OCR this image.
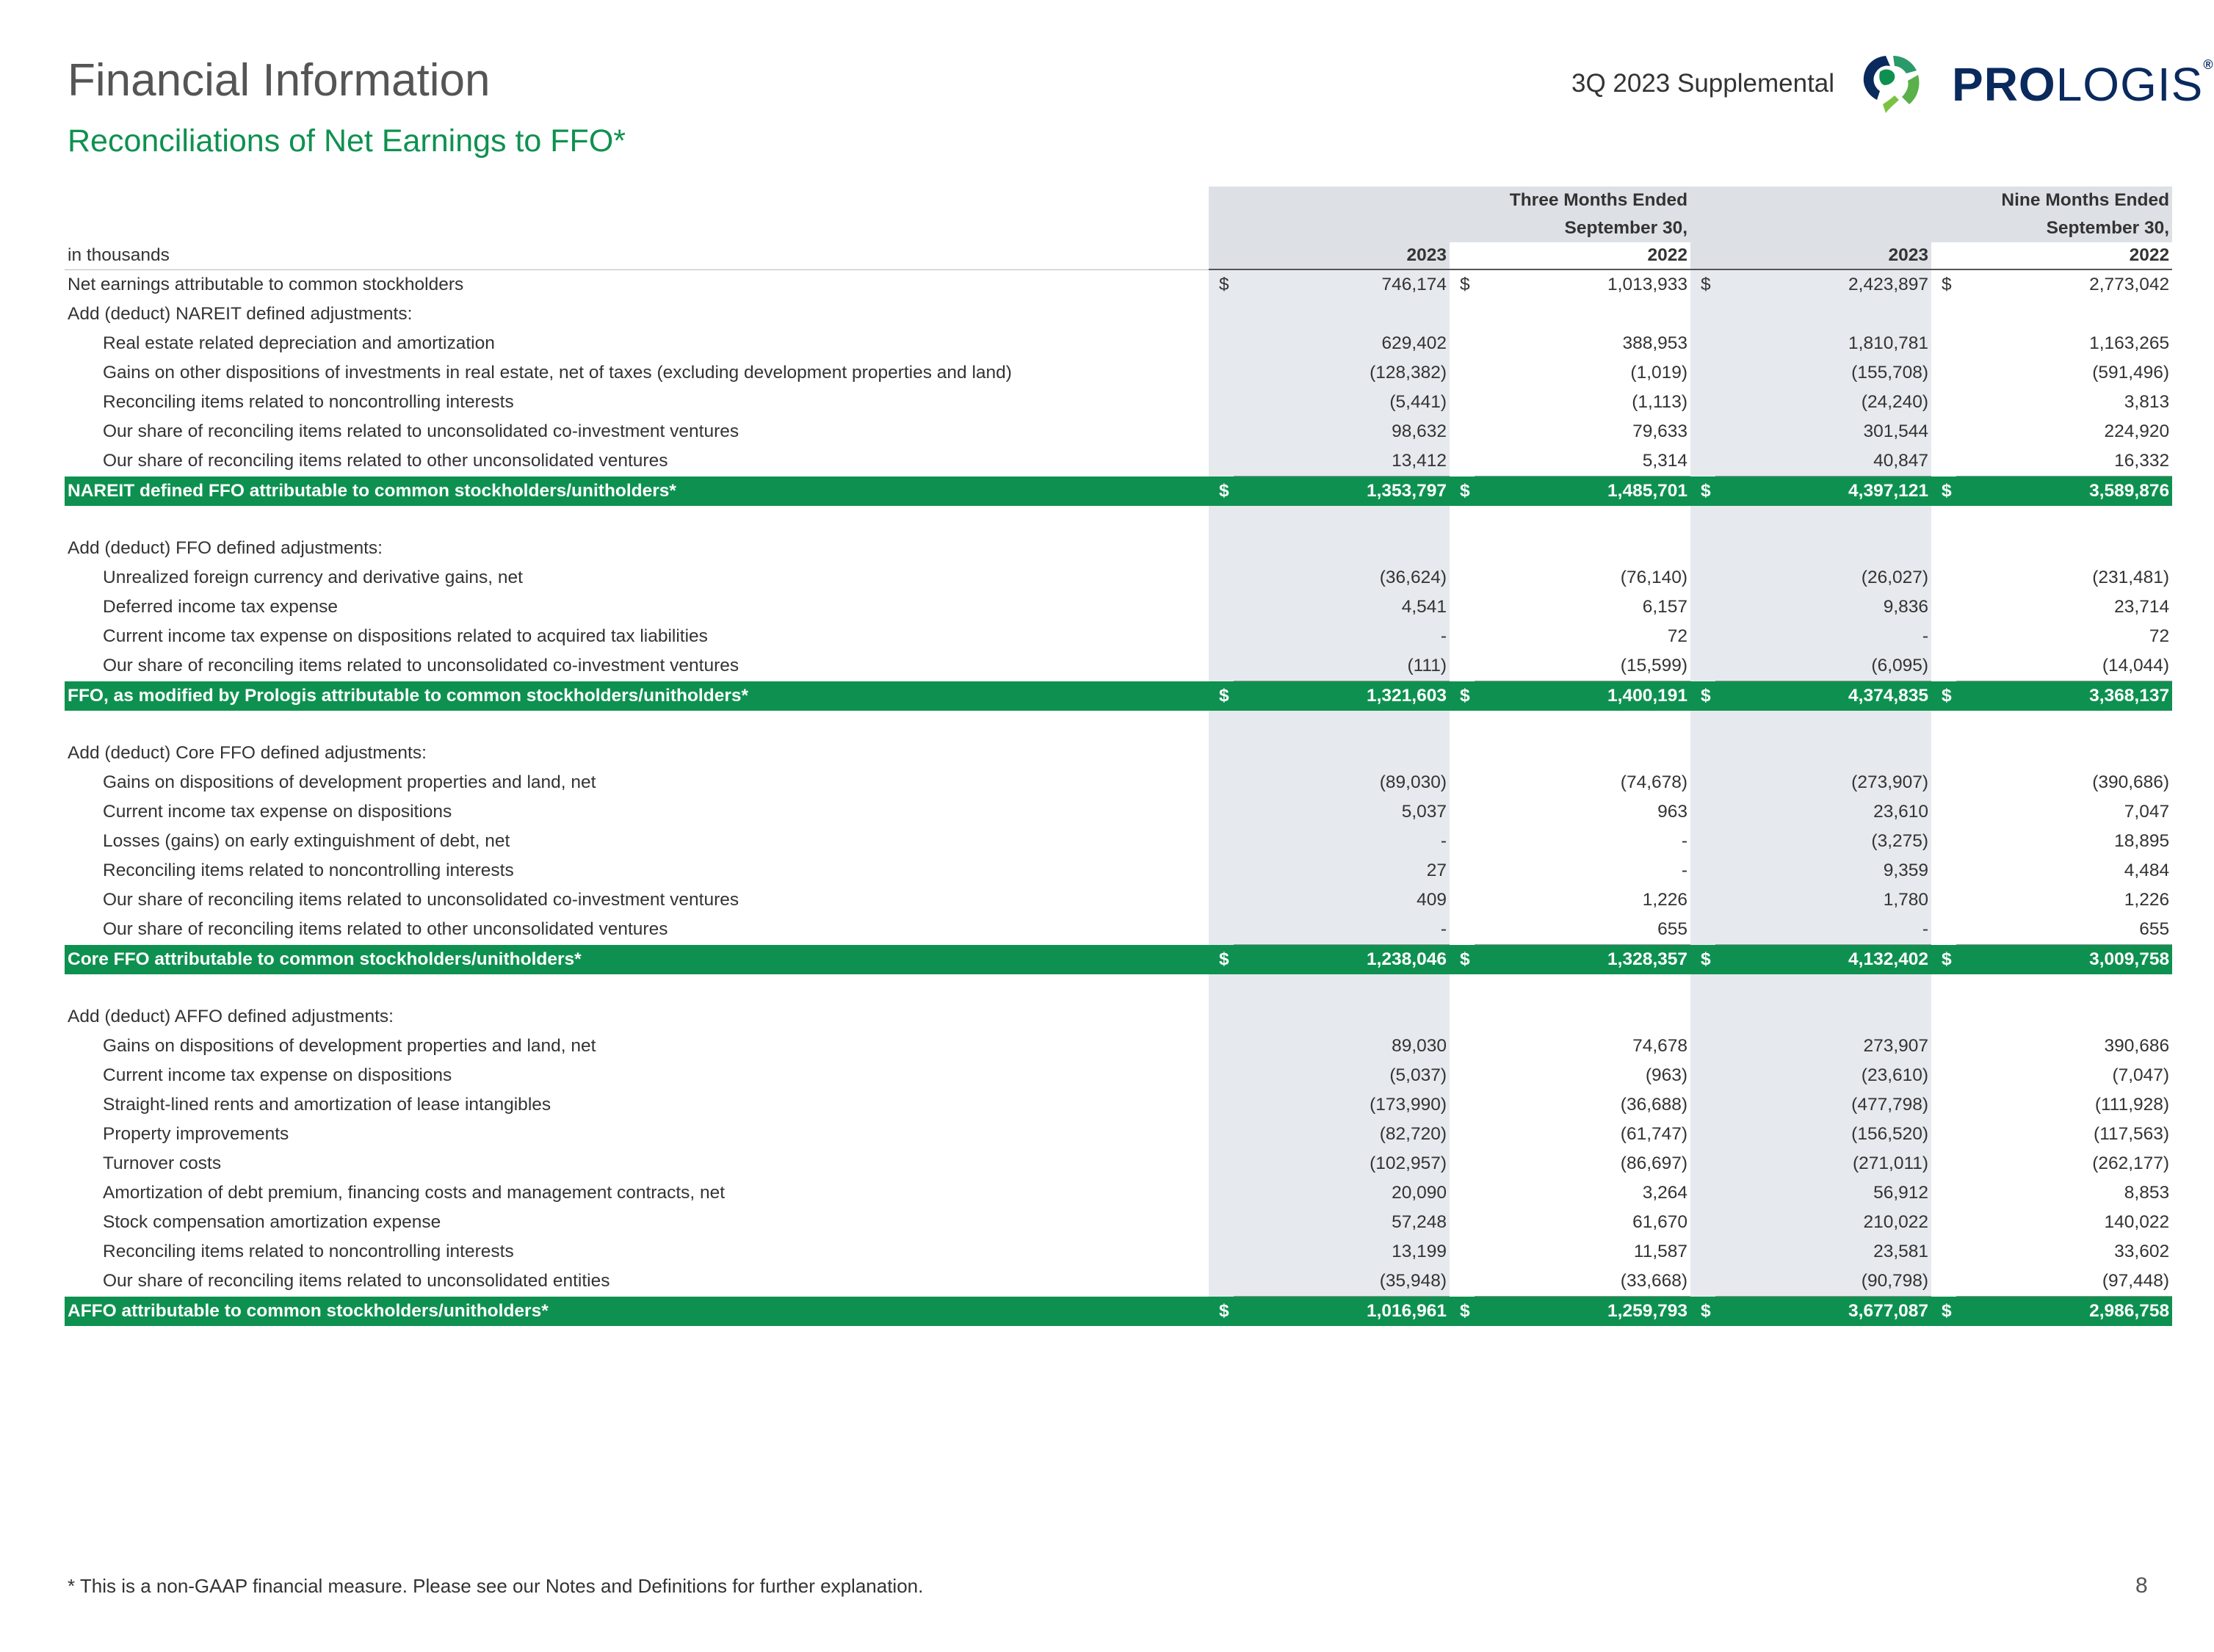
Financial Information
Reconciliations of Net Earnings to FFO*
3Q 2023 Supplemental PROLOGIS®
	Three Months Ended				Nine Months Ended			
	September 30,				September 30,			
in thousands		2023		2022		2023		2022
Net earnings attributable to common stockholders	$	746,174	$	1,013,933	$	2,423,897	$	2,773,042
Add (deduct) NAREIT defined adjustments:								
Real estate related depreciation and amortization		629,402		388,953		1,810,781		1,163,265
Gains on other dispositions of investments in real estate, net of taxes (excluding development properties and land)		(128,382)		(1,019)		(155,708)		(591,496)
Reconciling items related to noncontrolling interests		(5,441)		(1,113)		(24,240)		3,813
Our share of reconciling items related to unconsolidated co-investment ventures		98,632		79,633		301,544		224,920
Our share of reconciling items related to other unconsolidated ventures		13,412		5,314		40,847		16,332
NAREIT defined FFO attributable to common stockholders/unitholders*	$	1,353,797	$	1,485,701	$	4,397,121	$	3,589,876

Add (deduct) FFO defined adjustments:								
Unrealized foreign currency and derivative gains, net		(36,624)		(76,140)		(26,027)		(231,481)
Deferred income tax expense		4,541		6,157		9,836		23,714
Current income tax expense on dispositions related to acquired tax liabilities		-		72		-		72
Our share of reconciling items related to unconsolidated co-investment ventures		(111)		(15,599)		(6,095)		(14,044)
FFO, as modified by Prologis attributable to common stockholders/unitholders*	$	1,321,603	$	1,400,191	$	4,374,835	$	3,368,137

Add (deduct) Core FFO defined adjustments:								
Gains on dispositions of development properties and land, net		(89,030)		(74,678)		(273,907)		(390,686)
Current income tax expense on dispositions		5,037		963		23,610		7,047
Losses (gains) on early extinguishment of debt, net		-		-		(3,275)		18,895
Reconciling items related to noncontrolling interests		27		-		9,359		4,484
Our share of reconciling items related to unconsolidated co-investment ventures		409		1,226		1,780		1,226
Our share of reconciling items related to other unconsolidated ventures		-		655		-		655
Core FFO attributable to common stockholders/unitholders*	$	1,238,046	$	1,328,357	$	4,132,402	$	3,009,758

Add (deduct) AFFO defined adjustments:								
Gains on dispositions of development properties and land, net		89,030		74,678		273,907		390,686
Current income tax expense on dispositions		(5,037)		(963)		(23,610)		(7,047)
Straight-lined rents and amortization of lease intangibles		(173,990)		(36,688)		(477,798)		(111,928)
Property improvements		(82,720)		(61,747)		(156,520)		(117,563)
Turnover costs		(102,957)		(86,697)		(271,011)		(262,177)
Amortization of debt premium, financing costs and management contracts, net		20,090		3,264		56,912		8,853
Stock compensation amortization expense		57,248		61,670		210,022		140,022
Reconciling items related to noncontrolling interests		13,199		11,587		23,581		33,602
Our share of reconciling items related to unconsolidated entities		(35,948)		(33,668)		(90,798)		(97,448)
AFFO attributable to common stockholders/unitholders*	$	1,016,961	$	1,259,793	$	3,677,087	$	2,986,758
* This is a non-GAAP financial measure. Please see our Notes and Definitions for further explanation.	8
